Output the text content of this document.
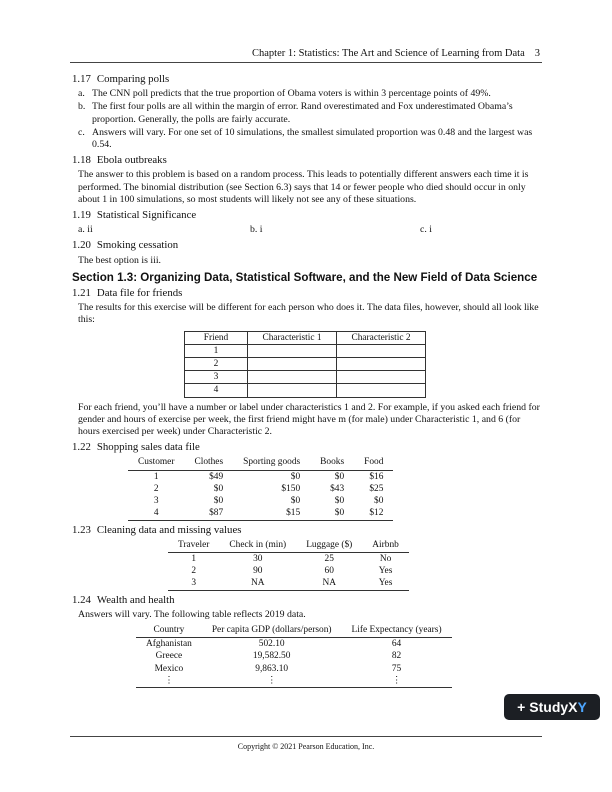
Chapter 1: Statistics: The Art and Science of Learning from Data 3
1.17 Comparing polls
a. The CNN poll predicts that the true proportion of Obama voters is within 3 percentage points of 49%.
b. The first four polls are all within the margin of error. Rand overestimated and Fox underestimated Obama’s proportion. Generally, the polls are fairly accurate.
c. Answers will vary. For one set of 10 simulations, the smallest simulated proportion was 0.48 and the largest was 0.54.
1.18 Ebola outbreaks
The answer to this problem is based on a random process. This leads to potentially different answers each time it is performed. The binomial distribution (see Section 6.3) says that 14 or fewer people who died should occur in only about 1 in 100 simulations, so most students will likely not see any of these situations.
1.19 Statistical Significance
a. ii	b. i	c. i
1.20 Smoking cessation
The best option is iii.
Section 1.3: Organizing Data, Statistical Software, and the New Field of Data Science
1.21 Data file for friends
The results for this exercise will be different for each person who does it. The data files, however, should all look like this:
Friend	Characteristic 1	Characteristic 2
1		
2		
3		
4		
For each friend, you’ll have a number or label under characteristics 1 and 2. For example, if you asked each friend for gender and hours of exercise per week, the first friend might have m (for male) under Characteristic 1, and 6 (for hours exercised per week) under Characteristic 2.
1.22 Shopping sales data file
Customer	Clothes	Sporting goods	Books	Food
1	$49	$0	$0	$16
2	$0	$150	$43	$25
3	$0	$0	$0	$0
4	$87	$15	$0	$12
1.23 Cleaning data and missing values
Traveler	Check in (min)	Luggage ($)	Airbnb
1	30	25	No
2	90	60	Yes
3	NA	NA	Yes
1.24 Wealth and health
Answers will vary. The following table reflects 2019 data.
Country	Per capita GDP (dollars/person)	Life Expectancy (years)
Afghanistan	502.10	64
Greece	19,582.50	82
Mexico	9,863.10	75
⋮	⋮	⋮
+ StudyX Y
Copyright © 2021 Pearson Education, Inc.
